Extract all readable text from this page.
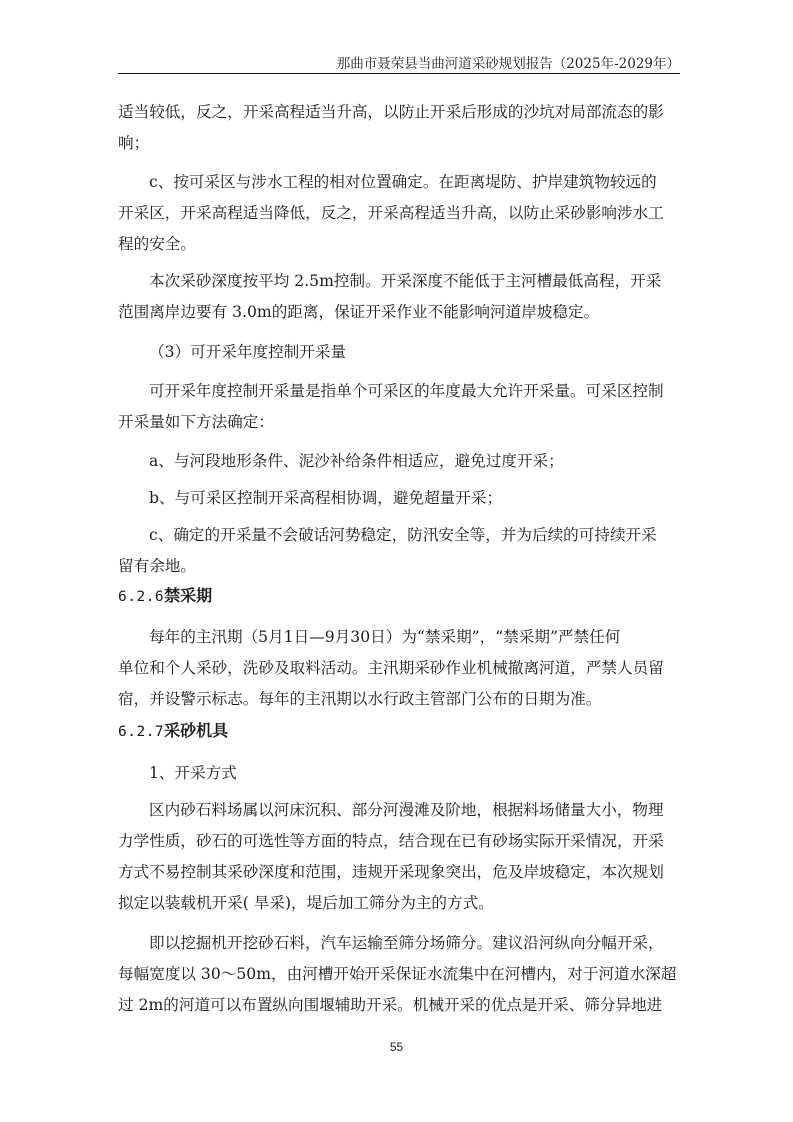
那曲市聂荣县当曲河道采砂规划报告（2025年-2029年）

适当较低，反之，开采高程适当升高，以防止开采后形成的沙坑对局部流态的影

响；

c、按可采区与涉水工程的相对位置确定。在距离堤防、护岸建筑物较远的

开采区，开采高程适当降低，反之，开采高程适当升高，以防止采砂影响涉水工

程的安全。

本次采砂深度按平均 2.5m控制。开采深度不能低于主河槽最低高程，开采

范围离岸边要有 3.0m的距离，保证开采作业不能影响河道岸坡稳定。

（3）可开采年度控制开采量

可开采年度控制开采量是指单个可采区的年度最大允许开采量。可采区控制

开采量如下方法确定：

a、与河段地形条件、泥沙补给条件相适应，避免过度开采；

b、与可采区控制开采高程相协调，避免超量开采；

c、确定的开采量不会破话河势稳定，防汛安全等，并为后续的可持续开采

留有余地。

6.2.6禁采期

每年的主汛期（5月1日—9月30日）为“禁采期”，“禁采期”严禁任何

单位和个人采砂，洗砂及取料活动。主汛期采砂作业机械撤离河道，严禁人员留

宿，并设警示标志。每年的主汛期以水行政主管部门公布的日期为准。

6.2.7采砂机具

1、开采方式

区内砂石料场属以河床沉积、部分河漫滩及阶地，根据料场储量大小，物理

力学性质，砂石的可选性等方面的特点，结合现在已有砂场实际开采情况，开采

方式不易控制其采砂深度和范围，违规开采现象突出，危及岸坡稳定，本次规划

拟定以装载机开采( 旱采)，堤后加工筛分为主的方式。

即以挖掘机开挖砂石料，汽车运输至筛分场筛分。建议沿河纵向分幅开采，

每幅宽度以 30～50m，由河槽开始开采保证水流集中在河槽内，对于河道水深超

过 2m的河道可以布置纵向围堰辅助开采。机械开采的优点是开采、筛分异地进

55
